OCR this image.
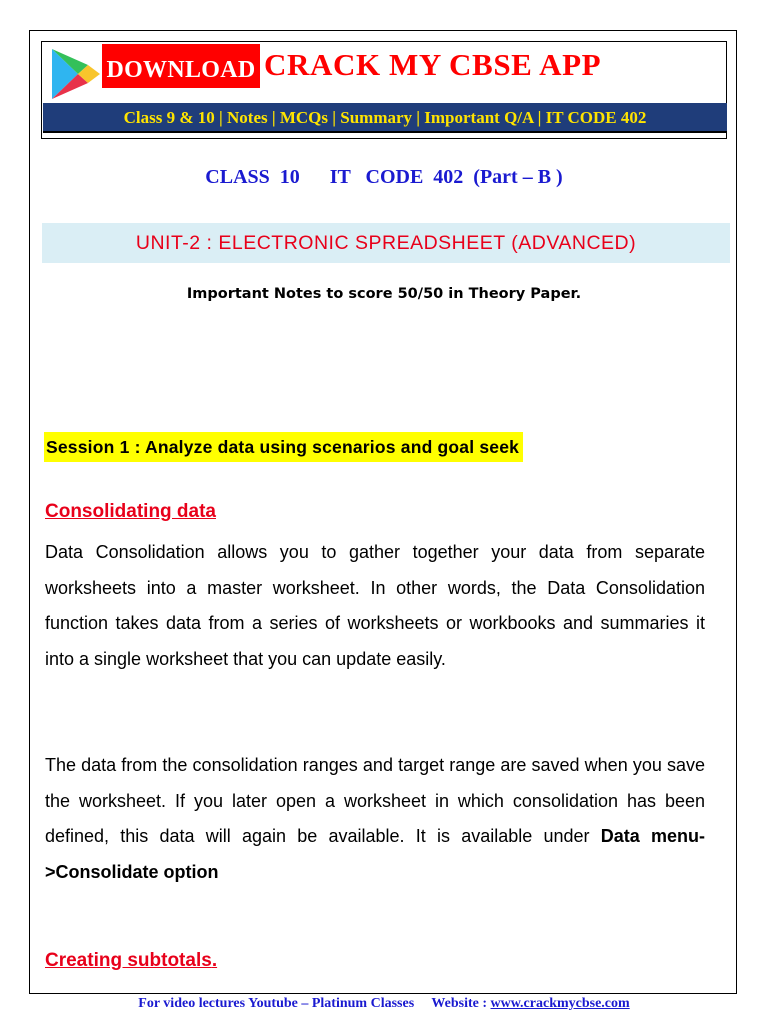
DOWNLOAD CRACK MY CBSE APP
Class 9 & 10 | Notes | MCQs | Summary | Important Q/A | IT CODE 402
CLASS  10      IT   CODE  402  (Part – B )
UNIT-2 : ELECTRONIC SPREADSHEET (ADVANCED)
Important Notes to score 50/50 in Theory Paper.
Session 1 : Analyze data using scenarios and goal seek
Consolidating data

Data Consolidation allows you to gather together your data from separate worksheets into a master worksheet. In other words, the Data Consolidation function takes data from a series of worksheets or workbooks and summaries it into a single worksheet that you can update easily.

The data from the consolidation ranges and target range are saved when you save the worksheet. If you later open a worksheet in which consolidation has been defined, this data will again be available. It is available under Data menu->Consolidate option

Creating subtotals.
For video lectures Youtube – Platinum Classes     Website : www.crackmycbse.com
